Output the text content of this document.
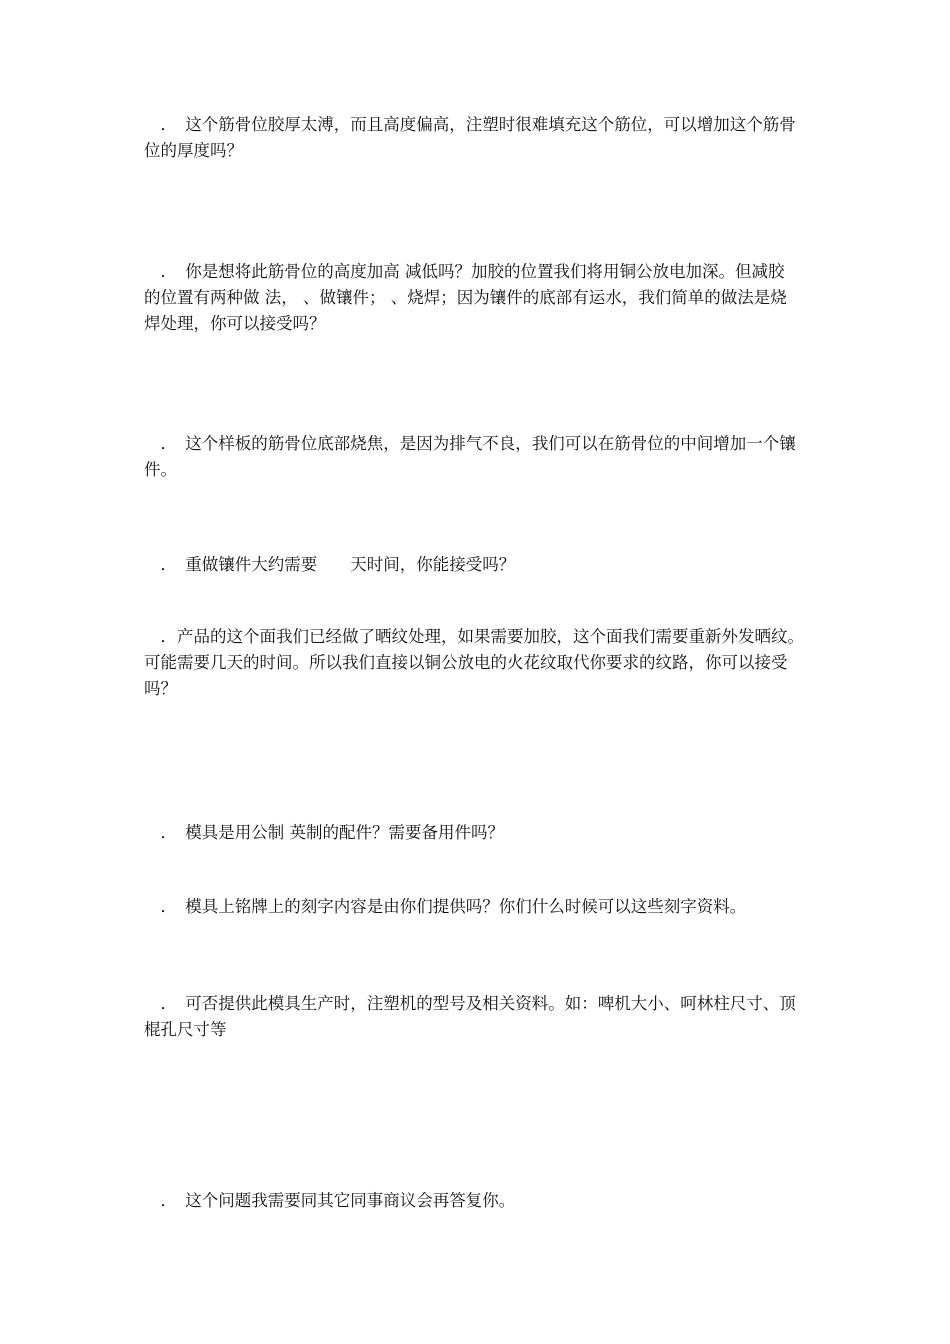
　．　这个筋骨位胶厚太溥，而且高度偏高，注塑时很难填充这个筋位，可以增加这个筋骨
位的厚度吗？

　．　你是想将此筋骨位的高度加高 减低吗？加胶的位置我们将用铜公放电加深。但减胶
的位置有两种做 法， 、做镶件； 、烧焊；因为镶件的底部有运水，我们简单的做法是烧
焊处理，你可以接受吗？

　．　这个样板的筋骨位底部烧焦，是因为排气不良，我们可以在筋骨位的中间增加一个镶
件。

　．　重做镶件大约需要　　天时间，你能接受吗？

　．产品的这个面我们已经做了晒纹处理，如果需要加胶，这个面我们需要重新外发晒纹。
可能需要几天的时间。所以我们直接以铜公放电的火花纹取代你要求的纹路，你可以接受
吗？

　．　模具是用公制 英制的配件？需要备用件吗？

　．　模具上铭牌上的刻字内容是由你们提供吗？你们什么时候可以这些刻字资料。

　．　可否提供此模具生产时，注塑机的型号及相关资料。如：啤机大小、呵林柱尺寸、顶
棍孔尺寸等

　．　这个问题我需要同其它同事商议会再答复你。
